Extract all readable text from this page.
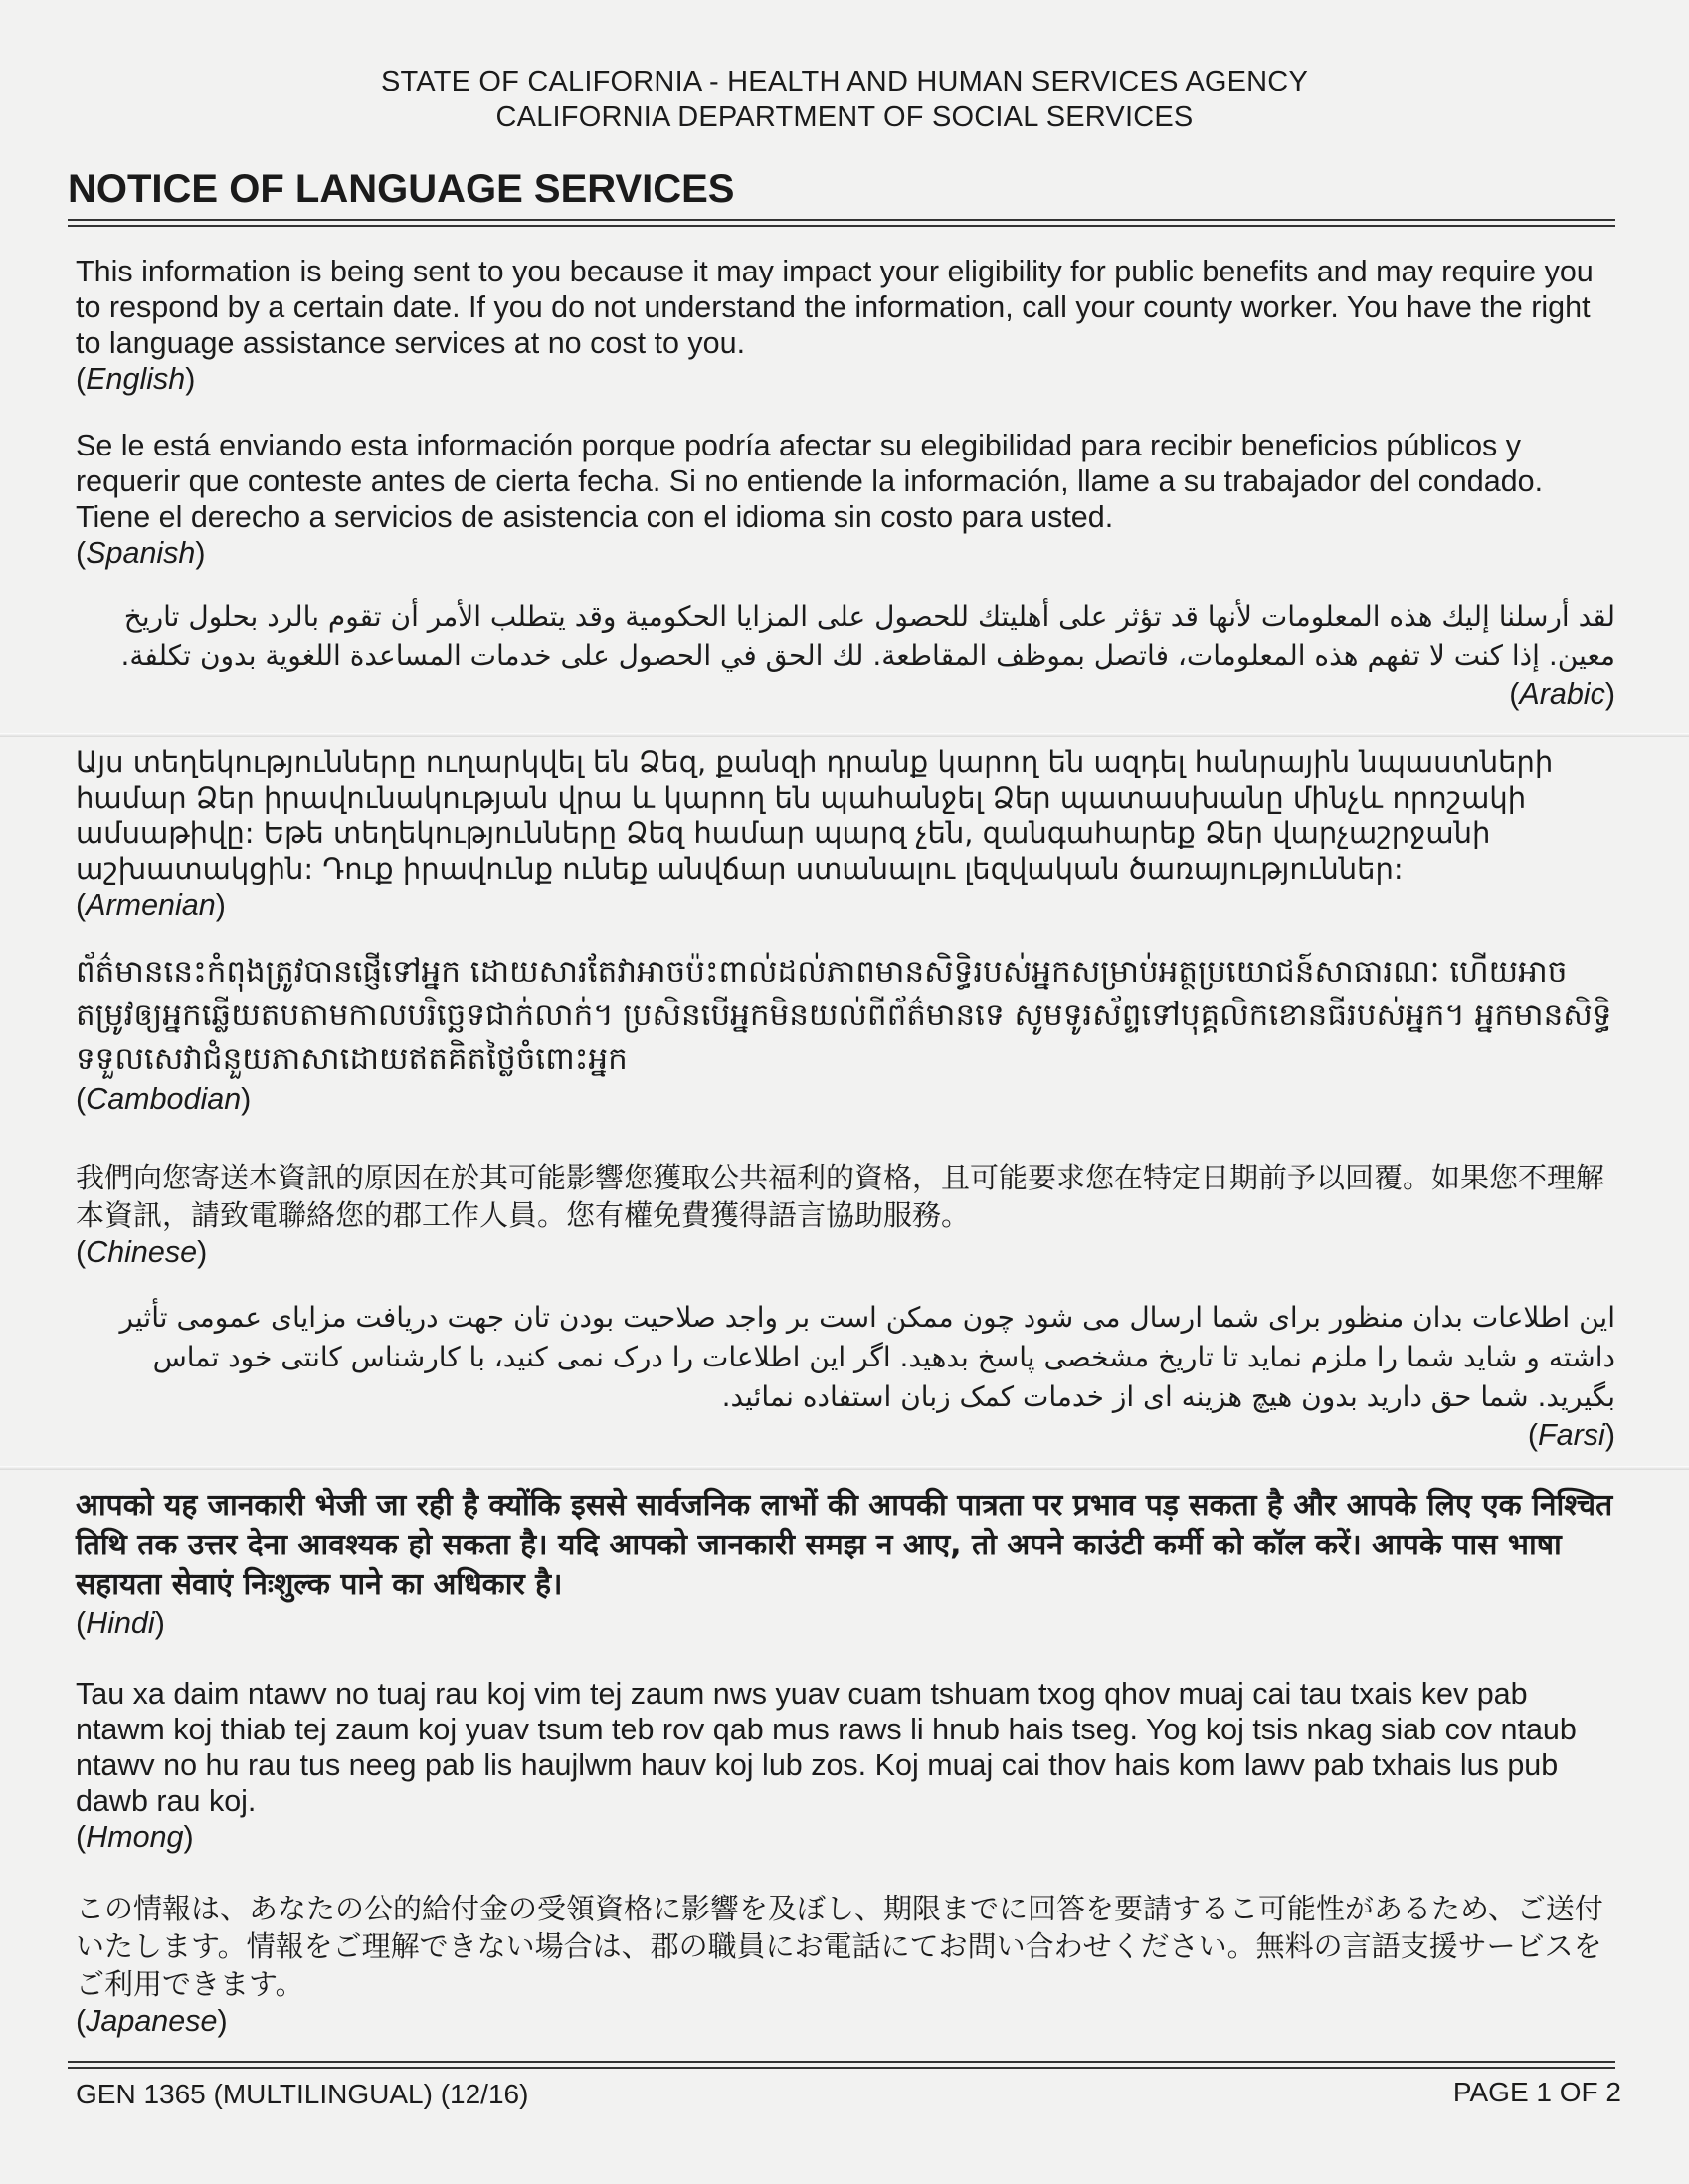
STATE OF CALIFORNIA - HEALTH AND HUMAN SERVICES AGENCY
CALIFORNIA DEPARTMENT OF SOCIAL SERVICES
NOTICE OF LANGUAGE SERVICES
This information is being sent to you because it may impact your eligibility for public benefits and may require you to respond by a certain date. If you do not understand the information, call your county worker. You have the right to language assistance services at no cost to you.
(English)
Se le está enviando esta información porque podría afectar su elegibilidad para recibir beneficios públicos y requerir que conteste antes de cierta fecha. Si no entiende la información, llame a su trabajador del condado. Tiene el derecho a servicios de asistencia con el idioma sin costo para usted.
(Spanish)
لقد أرسلنا إليك هذه المعلومات لأنها قد تؤثر على أهليتك للحصول على المزايا الحكومية وقد يتطلب الأمر أن تقوم بالرد بحلول تاريخ معين. إذا كنت لا تفهم هذه المعلومات، فاتصل بموظف المقاطعة. لك الحق في الحصول على خدمات المساعدة اللغوية بدون تكلفة.
(Arabic)
Այս տեղեկությունները ուղարկվել են Ձեզ, քանզի դրանք կարող են ազդել հանրային նպաստների համար Ձեր իրավունակության վրա և կարող են պահանջել Ձեր պատասխանը մինչև որոշակի ամսաթիվը: Եթե տեղեկությունները Ձեզ համար պարզ չեն, զանգահարեք Ձեր վարչաշրջանի աշխատակցին: Դուք իրավունք ունեք անվճար ստանալու լեզվական ծառայություններ:
(Armenian)
ព័ត៌មាននេះកំពុងត្រូវបានផ្ញើទៅអ្នក ដោយសារតែវាអាចប៉ះពាល់ដល់ភាពមានសិទ្ធិរបស់អ្នកសម្រាប់អត្ថប្រយោជន៍សាធារណៈ ហើយអាចតម្រូវឲ្យអ្នកឆ្លើយតបតាមកាលបរិច្ឆេទជាក់លាក់។ ប្រសិនបើអ្នកមិនយល់ពីព័ត៌មានទេ សូមទូរស័ព្ទទៅបុគ្គលិកខោនធីរបស់អ្នក។ អ្នកមានសិទ្ធិទទួលសេវាជំនួយភាសាដោយឥតគិតថ្លៃចំពោះអ្នក
(Cambodian)
我們向您寄送本資訊的原因在於其可能影響您獲取公共福利的資格，且可能要求您在特定日期前予以回覆。如果您不理解本資訊，請致電聯絡您的郡工作人員。您有權免費獲得語言協助服務。
(Chinese)
این اطلاعات بدان منظور برای شما ارسال می شود چون ممکن است بر واجد صلاحیت بودن تان جهت دریافت مزایای عمومی تأثیر داشته و شاید شما را ملزم نماید تا تاریخ مشخصی پاسخ بدهید. اگر این اطلاعات را درک نمی کنید، با کارشناس کانتی خود تماس بگیرید. شما حق دارید بدون هیچ هزینه ای از خدمات کمک زبان استفاده نمائید.
(Farsi)
आपको यह जानकारी भेजी जा रही है क्योंकि इससे सार्वजनिक लाभों की आपकी पात्रता पर प्रभाव पड़ सकता है और आपके लिए एक निश्चित तिथि तक उत्तर देना आवश्यक हो सकता है। यदि आपको जानकारी समझ न आए, तो अपने काउंटी कर्मी को कॉल करें। आपके पास भाषा सहायता सेवाएं निःशुल्क पाने का अधिकार है।
(Hindi)
Tau xa daim ntawv no tuaj rau koj vim tej zaum nws yuav cuam tshuam txog qhov muaj cai tau txais kev pab ntawm koj thiab tej zaum koj yuav tsum teb rov qab mus raws li hnub hais tseg. Yog koj tsis nkag siab cov ntaub ntawv no hu rau tus neeg pab lis haujlwm hauv koj lub zos. Koj muaj cai thov hais kom lawv pab txhais lus pub dawb rau koj.
(Hmong)
この情報は、あなたの公的給付金の受領資格に影響を及ぼし、期限までに回答を要請するこ可能性があるため、ご送付いたします。情報をご理解できない場合は、郡の職員にお電話にてお問い合わせください。無料の言語支援サービスをご利用できます。
(Japanese)
GEN 1365 (MULTILINGUAL) (12/16)	PAGE 1 OF 2
